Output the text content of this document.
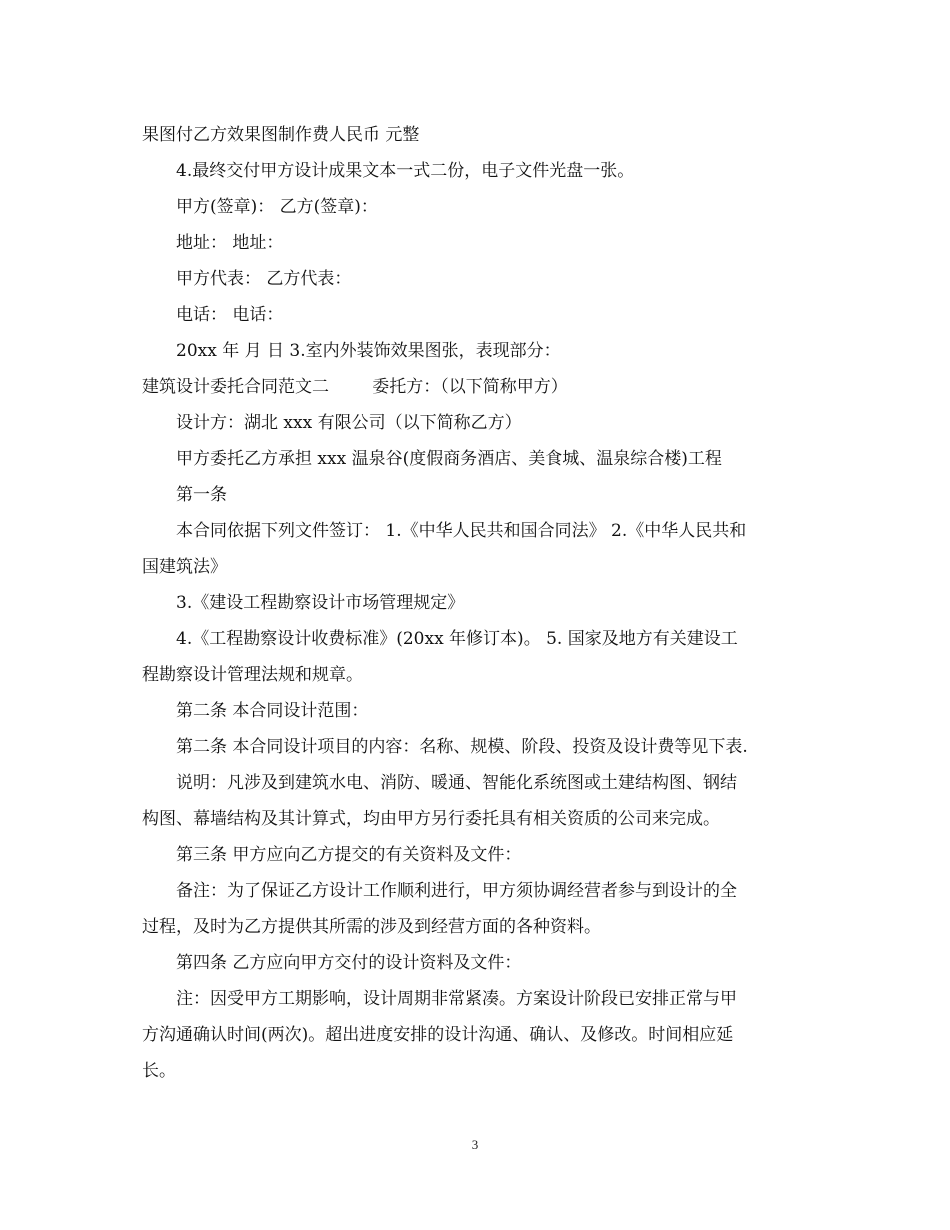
果图付乙方效果图制作费人民币 元整
4.最终交付甲方设计成果文本一式二份，电子文件光盘一张。
甲方(签章)： 乙方(签章)：
地址： 地址：
甲方代表： 乙方代表：
电话： 电话：
20xx 年 月 日 3.室内外装饰效果图张，表现部分：
建筑设计委托合同范文二        委托方：（以下简称甲方）
设计方：湖北 xxx 有限公司（以下简称乙方）
甲方委托乙方承担 xxx 温泉谷(度假商务酒店、美食城、温泉综合楼)工程
第一条
本合同依据下列文件签订： 1.《中华人民共和国合同法》 2.《中华人民共和
国建筑法》
3.《建设工程勘察设计市场管理规定》
4.《工程勘察设计收费标准》(20xx 年修订本)。 5. 国家及地方有关建设工
程勘察设计管理法规和规章。
第二条 本合同设计范围：
第二条 本合同设计项目的内容：名称、规模、阶段、投资及设计费等见下表.
说明：凡涉及到建筑水电、消防、暖通、智能化系统图或土建结构图、钢结
构图、幕墙结构及其计算式，均由甲方另行委托具有相关资质的公司来完成。
第三条 甲方应向乙方提交的有关资料及文件：
备注：为了保证乙方设计工作顺利进行，甲方须协调经营者参与到设计的全
过程，及时为乙方提供其所需的涉及到经营方面的各种资料。
第四条 乙方应向甲方交付的设计资料及文件：
注：因受甲方工期影响，设计周期非常紧凑。方案设计阶段已安排正常与甲
方沟通确认时间(两次)。超出进度安排的设计沟通、确认、及修改。时间相应延
长。
3
